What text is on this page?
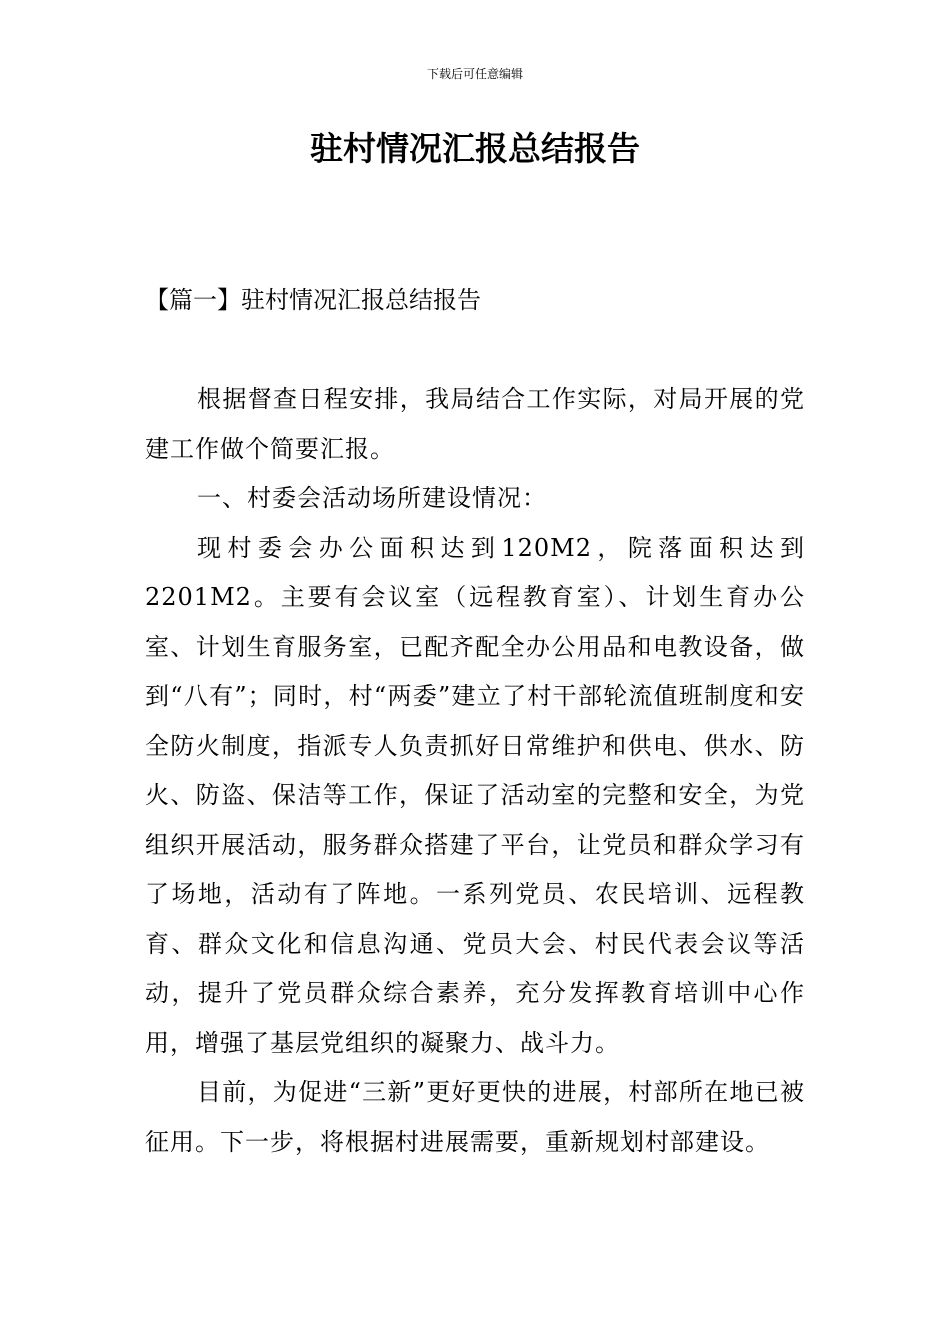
下载后可任意编辑
驻村情况汇报总结报告
【篇一】驻村情况汇报总结报告

根据督查日程安排，我局结合工作实际，对局开展的党建工作做个简要汇报。

一、村委会活动场所建设情况：

现村委会办公面积达到120M2，院落面积达到2201M2。主要有会议室（远程教育室）、计划生育办公室、计划生育服务室，已配齐配全办公用品和电教设备，做到“八有”；同时，村“两委”建立了村干部轮流值班制度和安全防火制度，指派专人负责抓好日常维护和供电、供水、防火、防盗、保洁等工作，保证了活动室的完整和安全，为党组织开展活动，服务群众搭建了平台，让党员和群众学习有了场地，活动有了阵地。一系列党员、农民培训、远程教育、群众文化和信息沟通、党员大会、村民代表会议等活动，提升了党员群众综合素养，充分发挥教育培训中心作用，增强了基层党组织的凝聚力、战斗力。

目前，为促进“三新”更好更快的进展，村部所在地已被征用。下一步，将根据村进展需要，重新规划村部建设。
